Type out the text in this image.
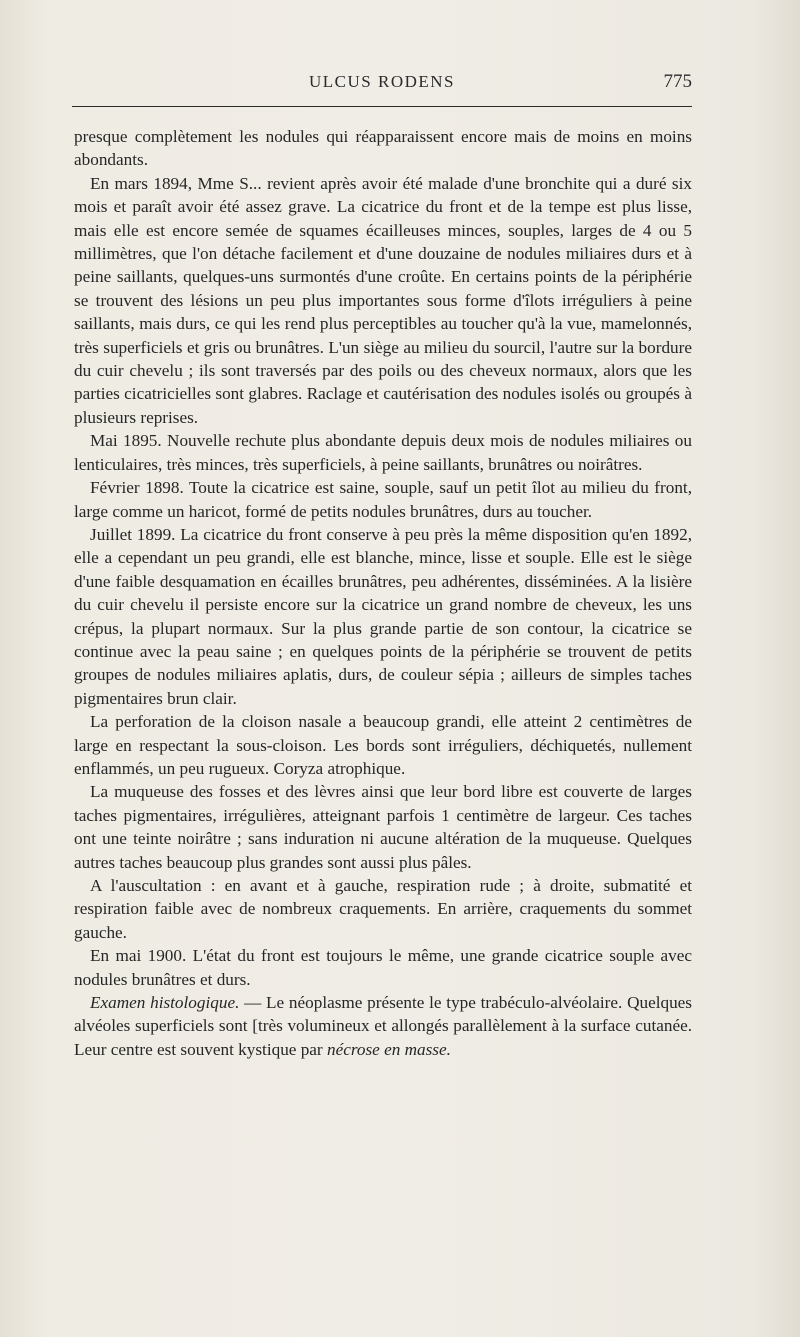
ULCUS RODENS	775

presque complètement les nodules qui réapparaissent encore mais de moins en moins abondants.

En mars 1894, Mme S... revient après avoir été malade d'une bronchite qui a duré six mois et paraît avoir été assez grave. La cicatrice du front et de la tempe est plus lisse, mais elle est encore semée de squames écailleuses minces, souples, larges de 4 ou 5 millimètres, que l'on détache facilement et d'une douzaine de nodules miliaires durs et à peine saillants, quelques-uns surmontés d'une croûte. En certains points de la périphérie se trouvent des lésions un peu plus importantes sous forme d'îlots irréguliers à peine saillants, mais durs, ce qui les rend plus perceptibles au toucher qu'à la vue, mamelonnés, très superficiels et gris ou brunâtres. L'un siège au milieu du sourcil, l'autre sur la bordure du cuir chevelu ; ils sont traversés par des poils ou des cheveux normaux, alors que les parties cicatricielles sont glabres. Raclage et cautérisation des nodules isolés ou groupés à plusieurs reprises.

Mai 1895. Nouvelle rechute plus abondante depuis deux mois de nodules miliaires ou lenticulaires, très minces, très superficiels, à peine saillants, brunâtres ou noirâtres.

Février 1898. Toute la cicatrice est saine, souple, sauf un petit îlot au milieu du front, large comme un haricot, formé de petits nodules brunâtres, durs au toucher.

Juillet 1899. La cicatrice du front conserve à peu près la même disposition qu'en 1892, elle a cependant un peu grandi, elle est blanche, mince, lisse et souple. Elle est le siège d'une faible desquamation en écailles brunâtres, peu adhérentes, disséminées. A la lisière du cuir chevelu il persiste encore sur la cicatrice un grand nombre de cheveux, les uns crépus, la plupart normaux. Sur la plus grande partie de son contour, la cicatrice se continue avec la peau saine ; en quelques points de la périphérie se trouvent de petits groupes de nodules miliaires aplatis, durs, de couleur sépia ; ailleurs de simples taches pigmentaires brun clair.

La perforation de la cloison nasale a beaucoup grandi, elle atteint 2 centimètres de large en respectant la sous-cloison. Les bords sont irréguliers, déchiquetés, nullement enflammés, un peu rugueux. Coryza atrophique.

La muqueuse des fosses et des lèvres ainsi que leur bord libre est couverte de larges taches pigmentaires, irrégulières, atteignant parfois 1 centimètre de largeur. Ces taches ont une teinte noirâtre ; sans induration ni aucune altération de la muqueuse. Quelques autres taches beaucoup plus grandes sont aussi plus pâles.

A l'auscultation : en avant et à gauche, respiration rude ; à droite, submatité et respiration faible avec de nombreux craquements. En arrière, craquements du sommet gauche.

En mai 1900. L'état du front est toujours le même, une grande cicatrice souple avec nodules brunâtres et durs.

Examen histologique. — Le néoplasme présente le type trabéculo-alvéolaire. Quelques alvéoles superficiels sont [très volumineux et allongés parallèlement à la surface cutanée. Leur centre est souvent kystique par nécrose en masse.
